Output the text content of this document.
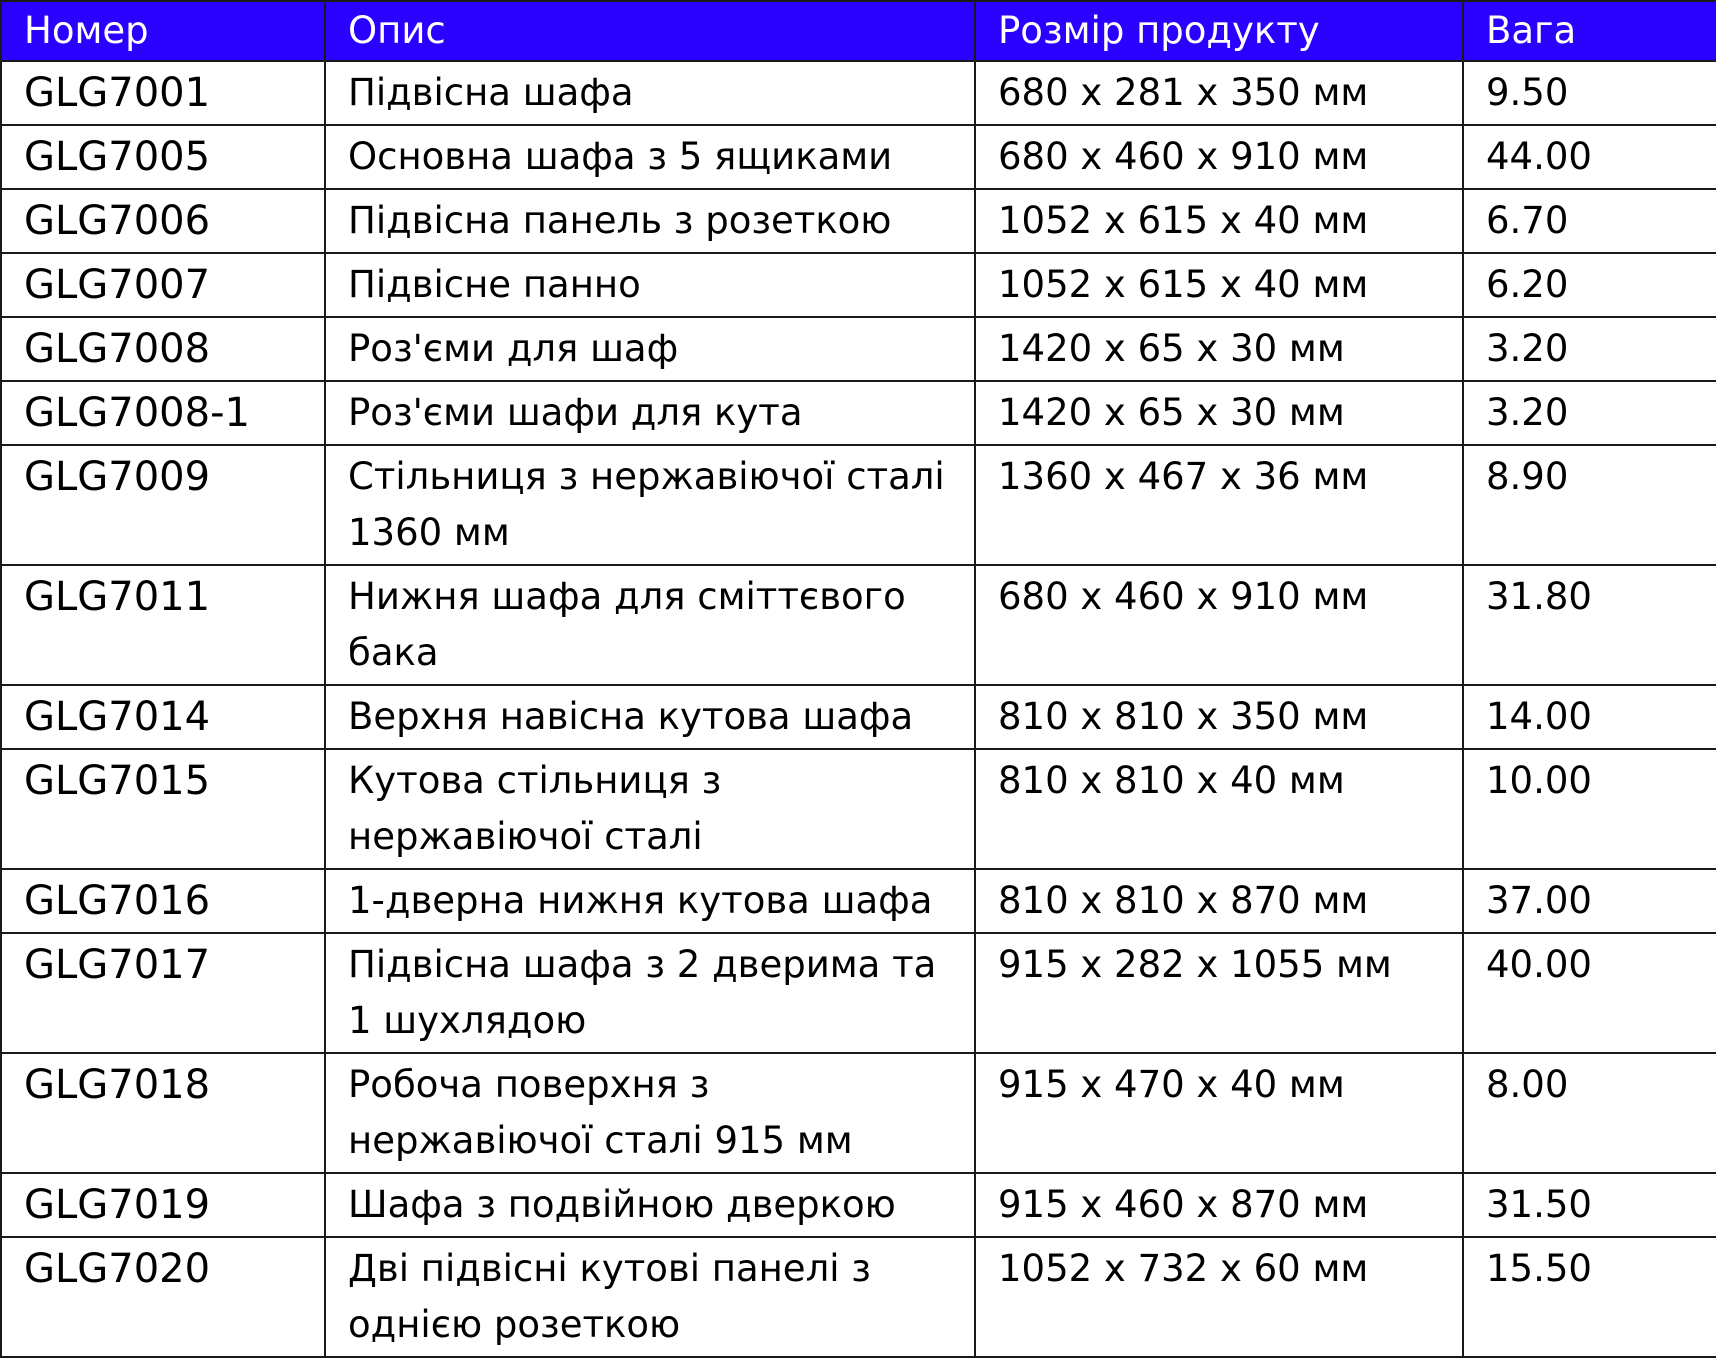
Номер	Опис	Розмір продукту	Вага
GLG7001	Підвісна шафа	680 х 281 х 350 мм	9.50
GLG7005	Основна шафа з 5 ящиками	680 х 460 х 910 мм	44.00
GLG7006	Підвісна панель з розеткою	1052 х 615 х 40 мм	6.70
GLG7007	Підвісне панно	1052 х 615 х 40 мм	6.20
GLG7008	Роз'єми для шаф	1420 х 65 х 30 мм	3.20
GLG7008-1	Роз'єми шафи для кута	1420 х 65 х 30 мм	3.20
GLG7009	Стільниця з нержавіючої сталі 1360 мм	1360 х 467 х 36 мм	8.90
GLG7011	Нижня шафа для сміттєвого бака	680 х 460 х 910 мм	31.80
GLG7014	Верхня навісна кутова шафа	810 х 810 х 350 мм	14.00
GLG7015	Кутова стільниця з нержавіючої сталі	810 х 810 х 40 мм	10.00
GLG7016	1-дверна нижня кутова шафа	810 х 810 х 870 мм	37.00
GLG7017	Підвісна шафа з 2 дверима та 1 шухлядою	915 х 282 х 1055 мм	40.00
GLG7018	Робоча поверхня з нержавіючої сталі 915 мм	915 х 470 х 40 мм	8.00
GLG7019	Шафа з подвійною дверкою	915 х 460 х 870 мм	31.50
GLG7020	Дві підвісні кутові панелі з однією розеткою	1052 х 732 х 60 мм	15.50
